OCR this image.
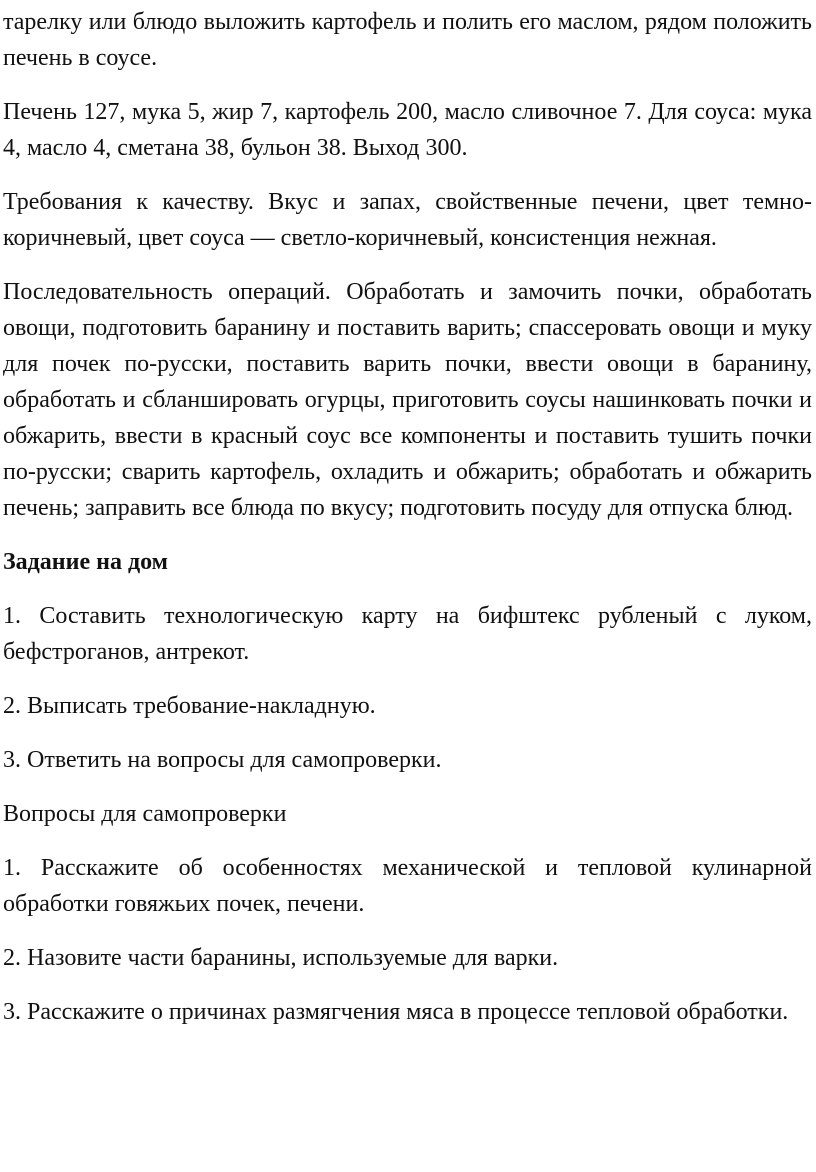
тарелку или блюдо выложить картофель и полить его маслом, рядом положить печень в соусе.

Печень 127, мука 5, жир 7, картофель 200, масло сливочное 7. Для соуса: мука 4, масло 4, сметана 38, бульон 38. Выход 300.

Требования к качеству. Вкус и запах, свойственные печени, цвет темно-коричневый, цвет соуса — светло-коричневый, консистенция нежная.

Последовательность операций. Обработать и замочить почки, обработать овощи, подготовить баранину и поставить варить; спассеровать овощи и муку для почек по-русски, поставить варить почки, ввести овощи в баранину, обработать и сбланшировать огурцы, приготовить соусы нашинковать почки и обжарить, ввести в красный соус все компоненты и поставить тушить почки по-русски; сварить картофель, охладить и обжарить; обработать и обжарить печень; заправить все блюда по вкусу; подготовить посуду для отпуска блюд.

Задание на дом

1. Составить технологическую карту на бифштекс рубленый с луком, бефстроганов, антрекот.

2. Выписать требование-накладную.

3. Ответить на вопросы для самопроверки.

Вопросы для самопроверки

1. Расскажите об особенностях механической и тепловой кулинарной обработки говяжьих почек, печени.

2. Назовите части баранины, используемые для варки.

3. Расскажите о причинах размягчения мяса в процессе тепловой обработки.
